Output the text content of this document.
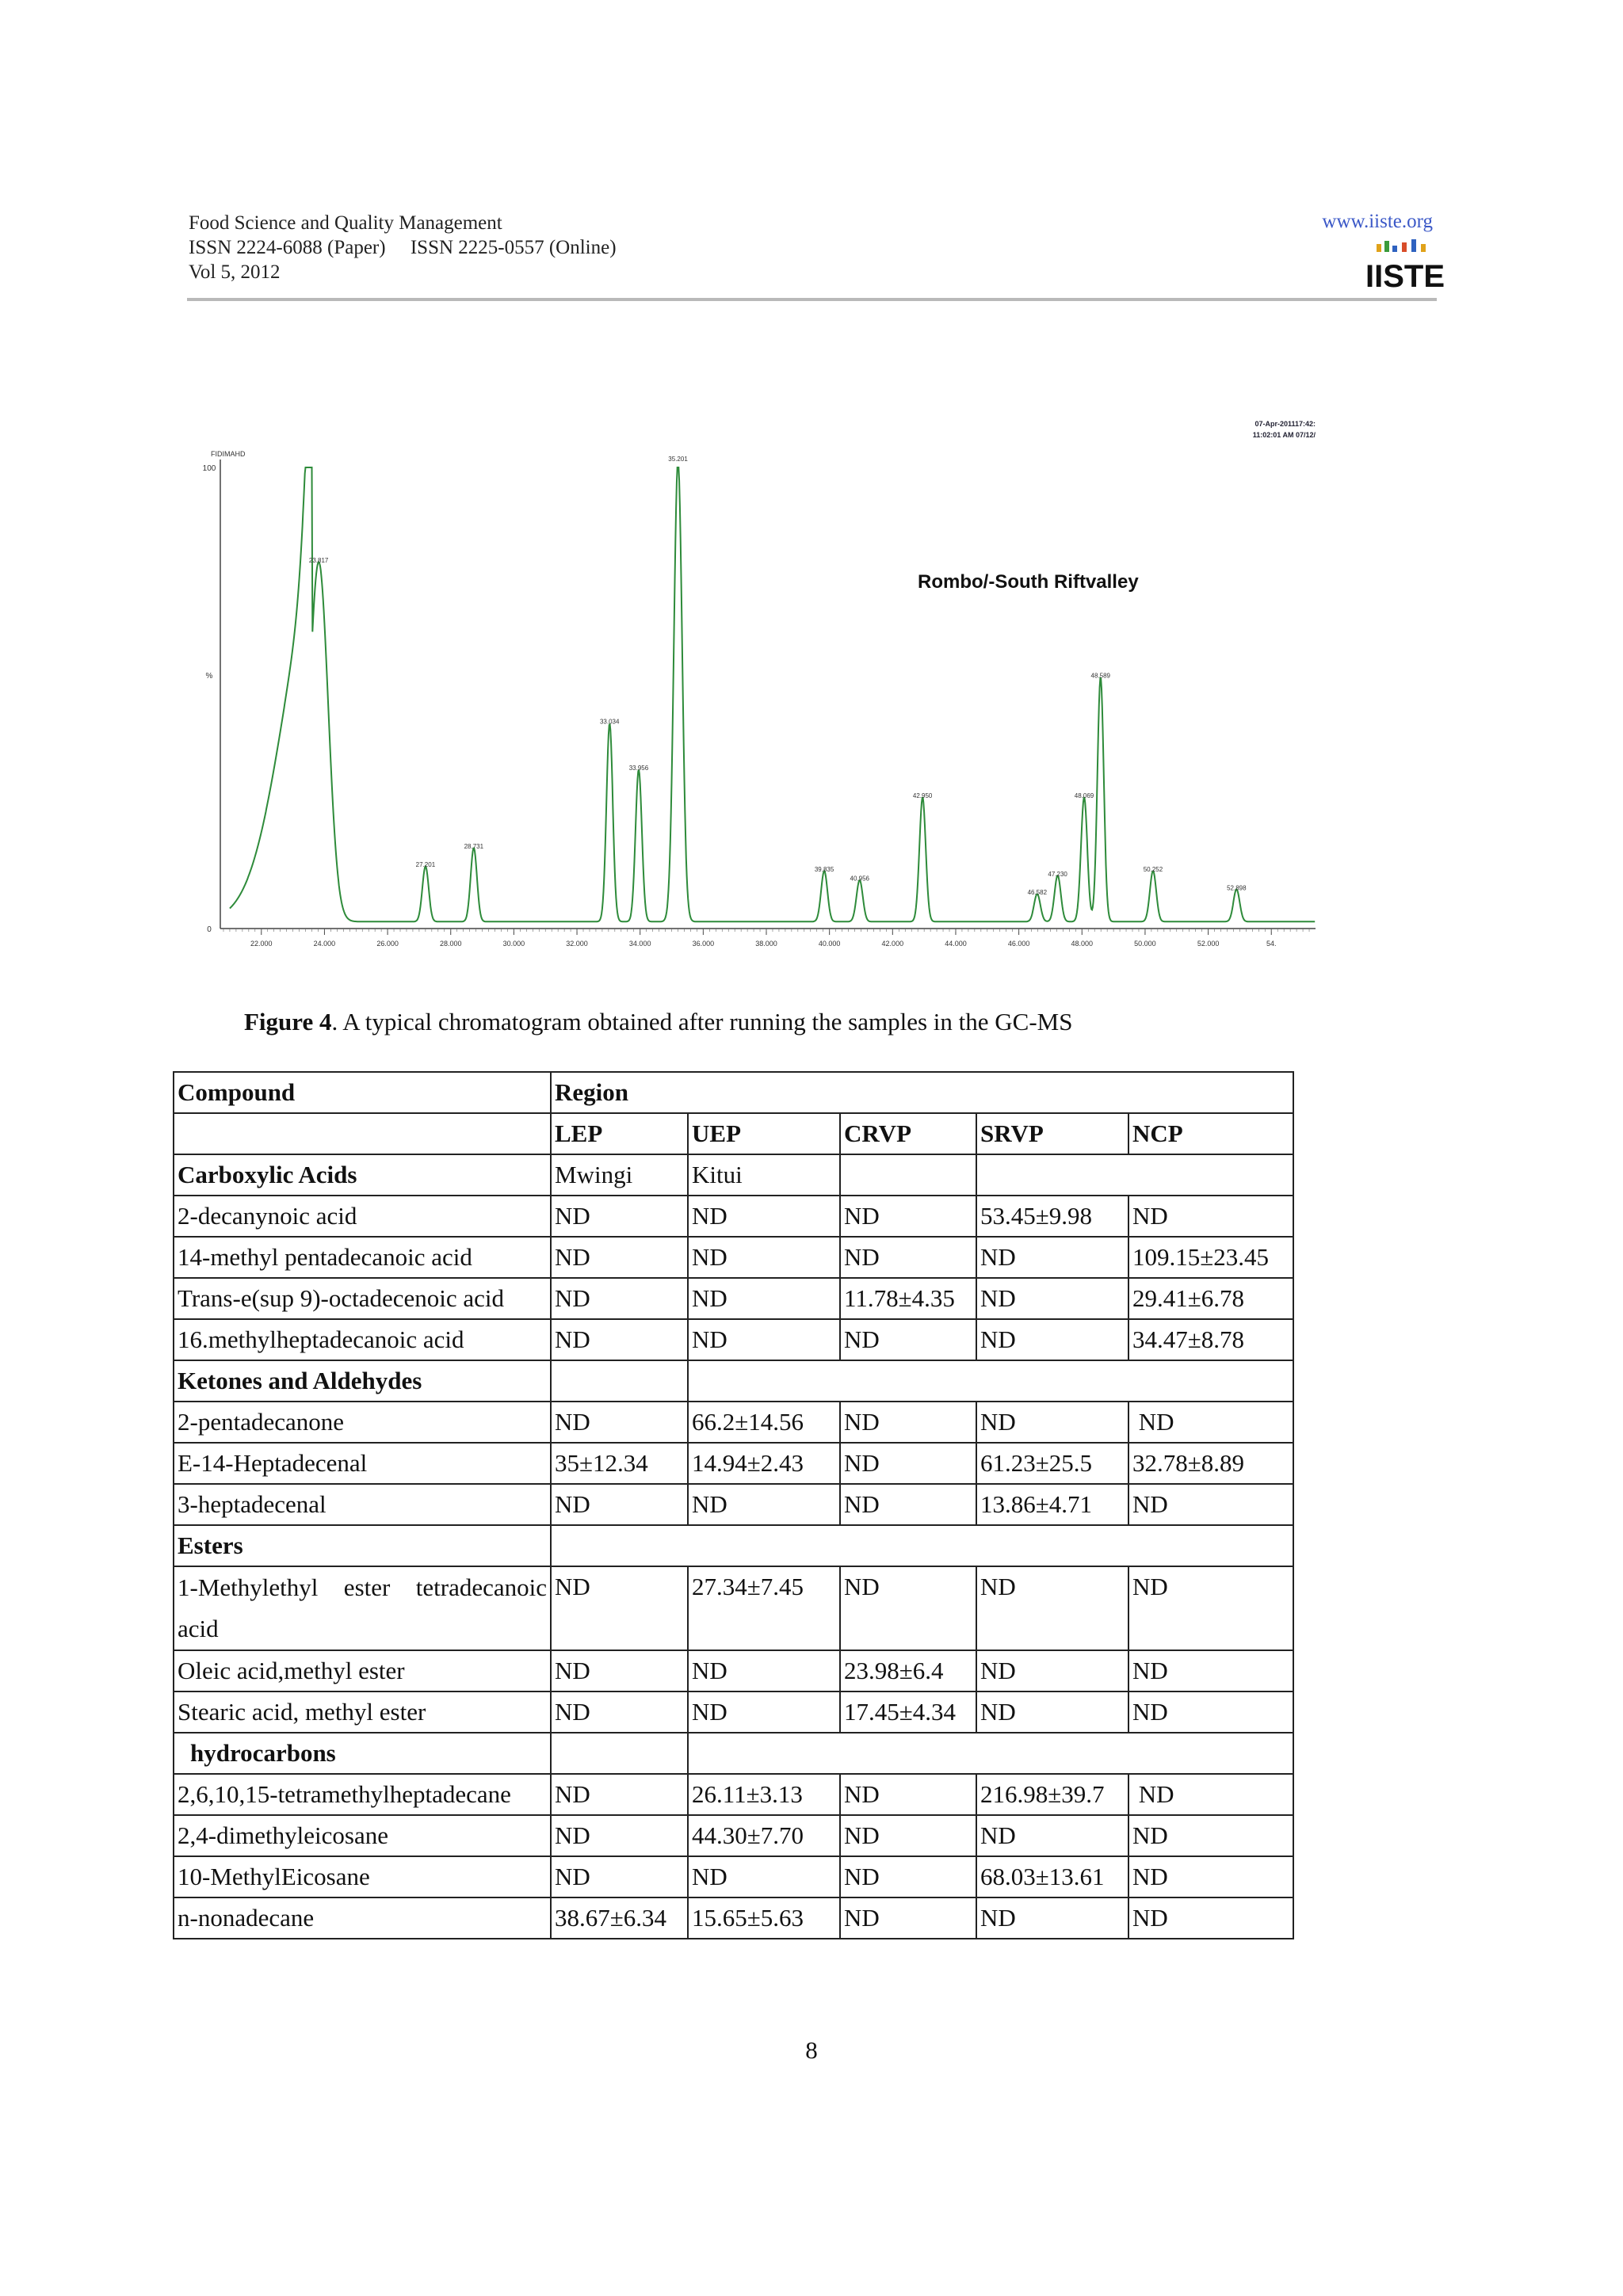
Food Science and Quality Management
ISSN 2224-6088 (Paper)     ISSN 2225-0557 (Online)
Vol 5, 2012
www.iiste.org
IISTE
FIDIMAHD
100
%
0
22.000	24.000	26.000	28.000	30.000	32.000	34.000	36.000	38.000	40.000	42.000	44.000	46.000	48.000	50.000	52.000	54.
23.817
27.201
28.731
33.034
33.956
35.201
39.835
40.956
42.950
46.582
47.230
48.069
48.589
50.252
52.898
Rombo/-South Riftvalley
07-Apr-201117:42:
11:02:01 AM 07/12/
Figure 4. A typical chromatogram obtained after running the samples in the GC-MS
Compound	Region				
	LEP	UEP	CRVP	SRVP	NCP
Carboxylic Acids	Mwingi	Kitui			
2-decanynoic acid	ND	ND	ND	53.45±9.98	ND
14-methyl pentadecanoic acid	ND	ND	ND	ND	109.15±23.45
Trans-e(sup 9)-octadecenoic acid	ND	ND	11.78±4.35	ND	29.41±6.78
16.methylheptadecanoic acid	ND	ND	ND	ND	34.47±8.78
Ketones and Aldehydes					
2-pentadecanone	ND	66.2±14.56	ND	ND	ND
E-14-Heptadecenal	35±12.34	14.94±2.43	ND	61.23±25.5	32.78±8.89
3-heptadecenal	ND	ND	ND	13.86±4.71	ND
Esters					

1-Methylethyl ester tetradecanoic
acid	ND	27.34±7.45	ND	ND	ND
Oleic acid,methyl ester	ND	ND	23.98±6.4	ND	ND
Stearic acid, methyl ester	ND	ND	17.45±4.34	ND	ND
hydrocarbons					
2,6,10,15-tetramethylheptadecane	ND	26.11±3.13	ND	216.98±39.7	ND
2,4-dimethyleicosane	ND	44.30±7.70	ND	ND	ND
10-MethylEicosane	ND	ND	ND	68.03±13.61	ND
n-nonadecane	38.67±6.34	15.65±5.63	ND	ND	ND
8
